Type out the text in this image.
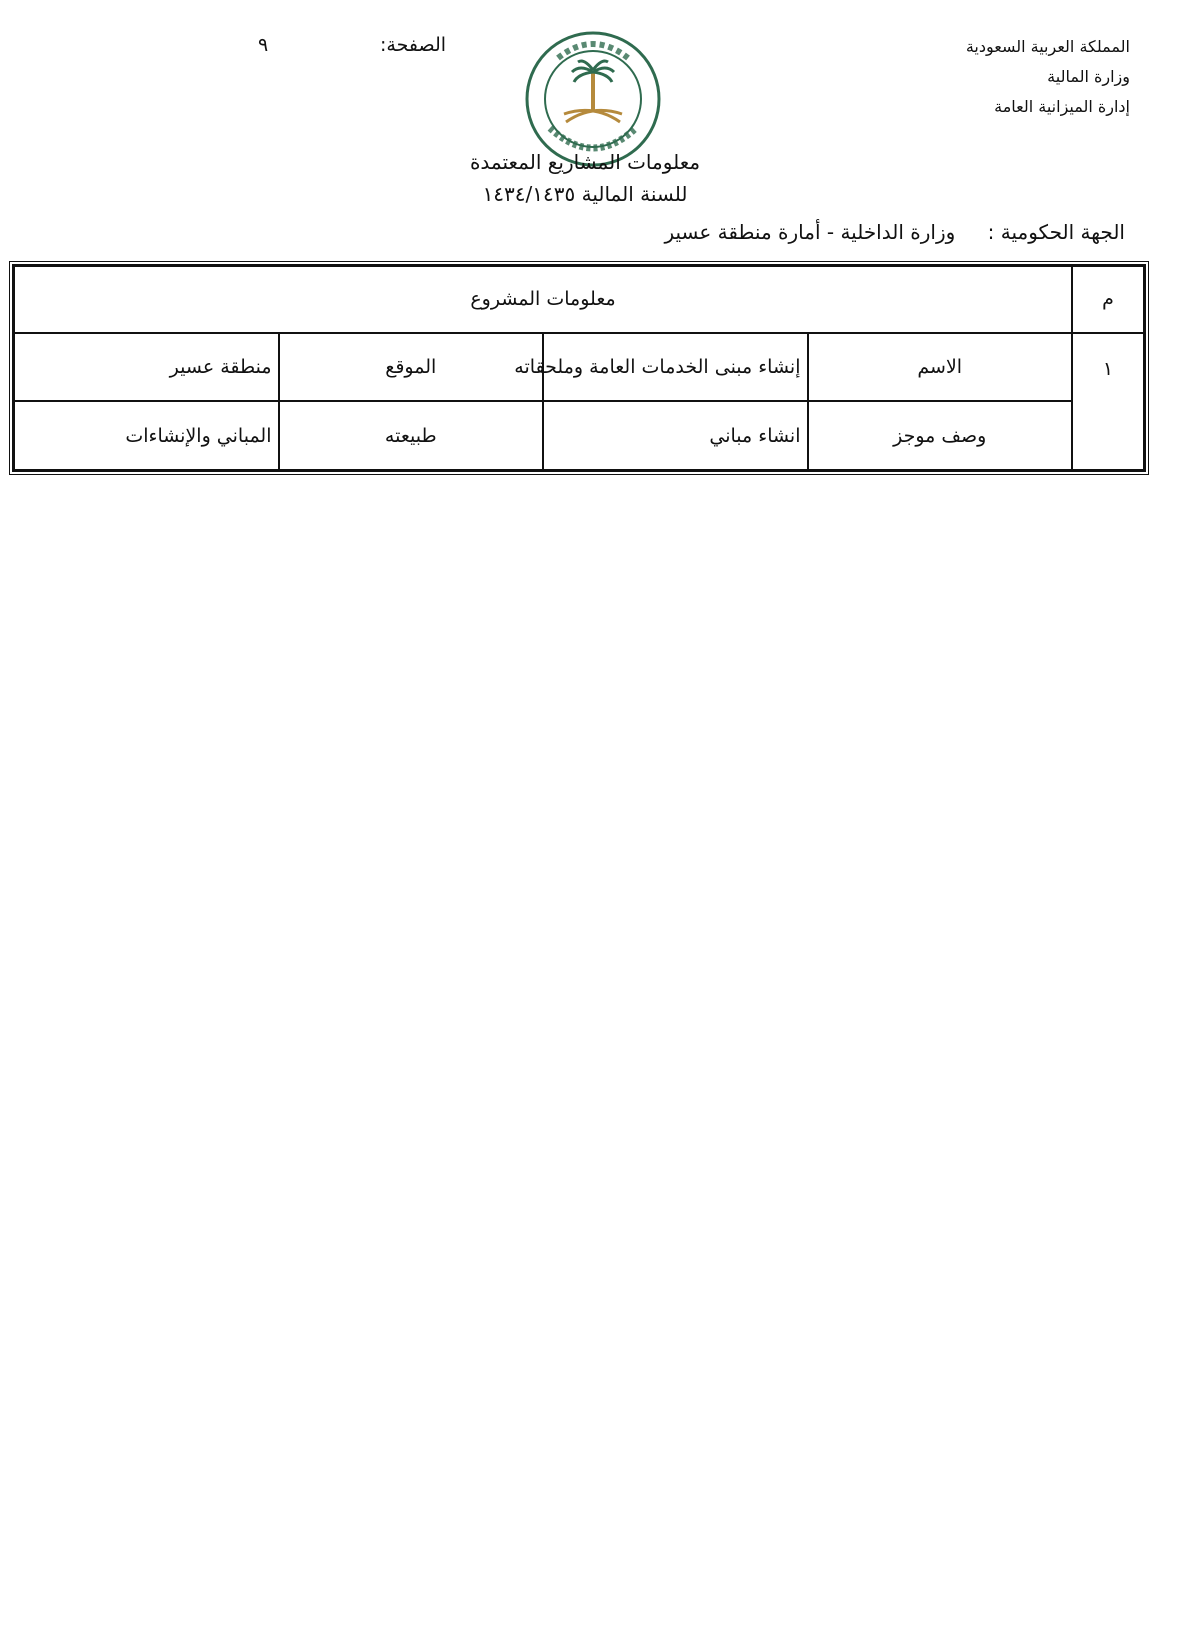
المملكة العربية السعودية
وزارة المالية
إدارة الميزانية العامة
الصفحة:
٩
معلومات المشاريع المعتمدة
للسنة المالية ١٤٣٤/١٤٣٥
الجهة الحكومية : وزارة الداخلية - أمارة منطقة عسير
م	معلومات المشروع			
١	الاسم	إنشاء مبنى الخدمات العامة وملحقاته	الموقع	منطقة عسير
	وصف موجز	انشاء مباني	طبيعته	المباني والإنشاءات
